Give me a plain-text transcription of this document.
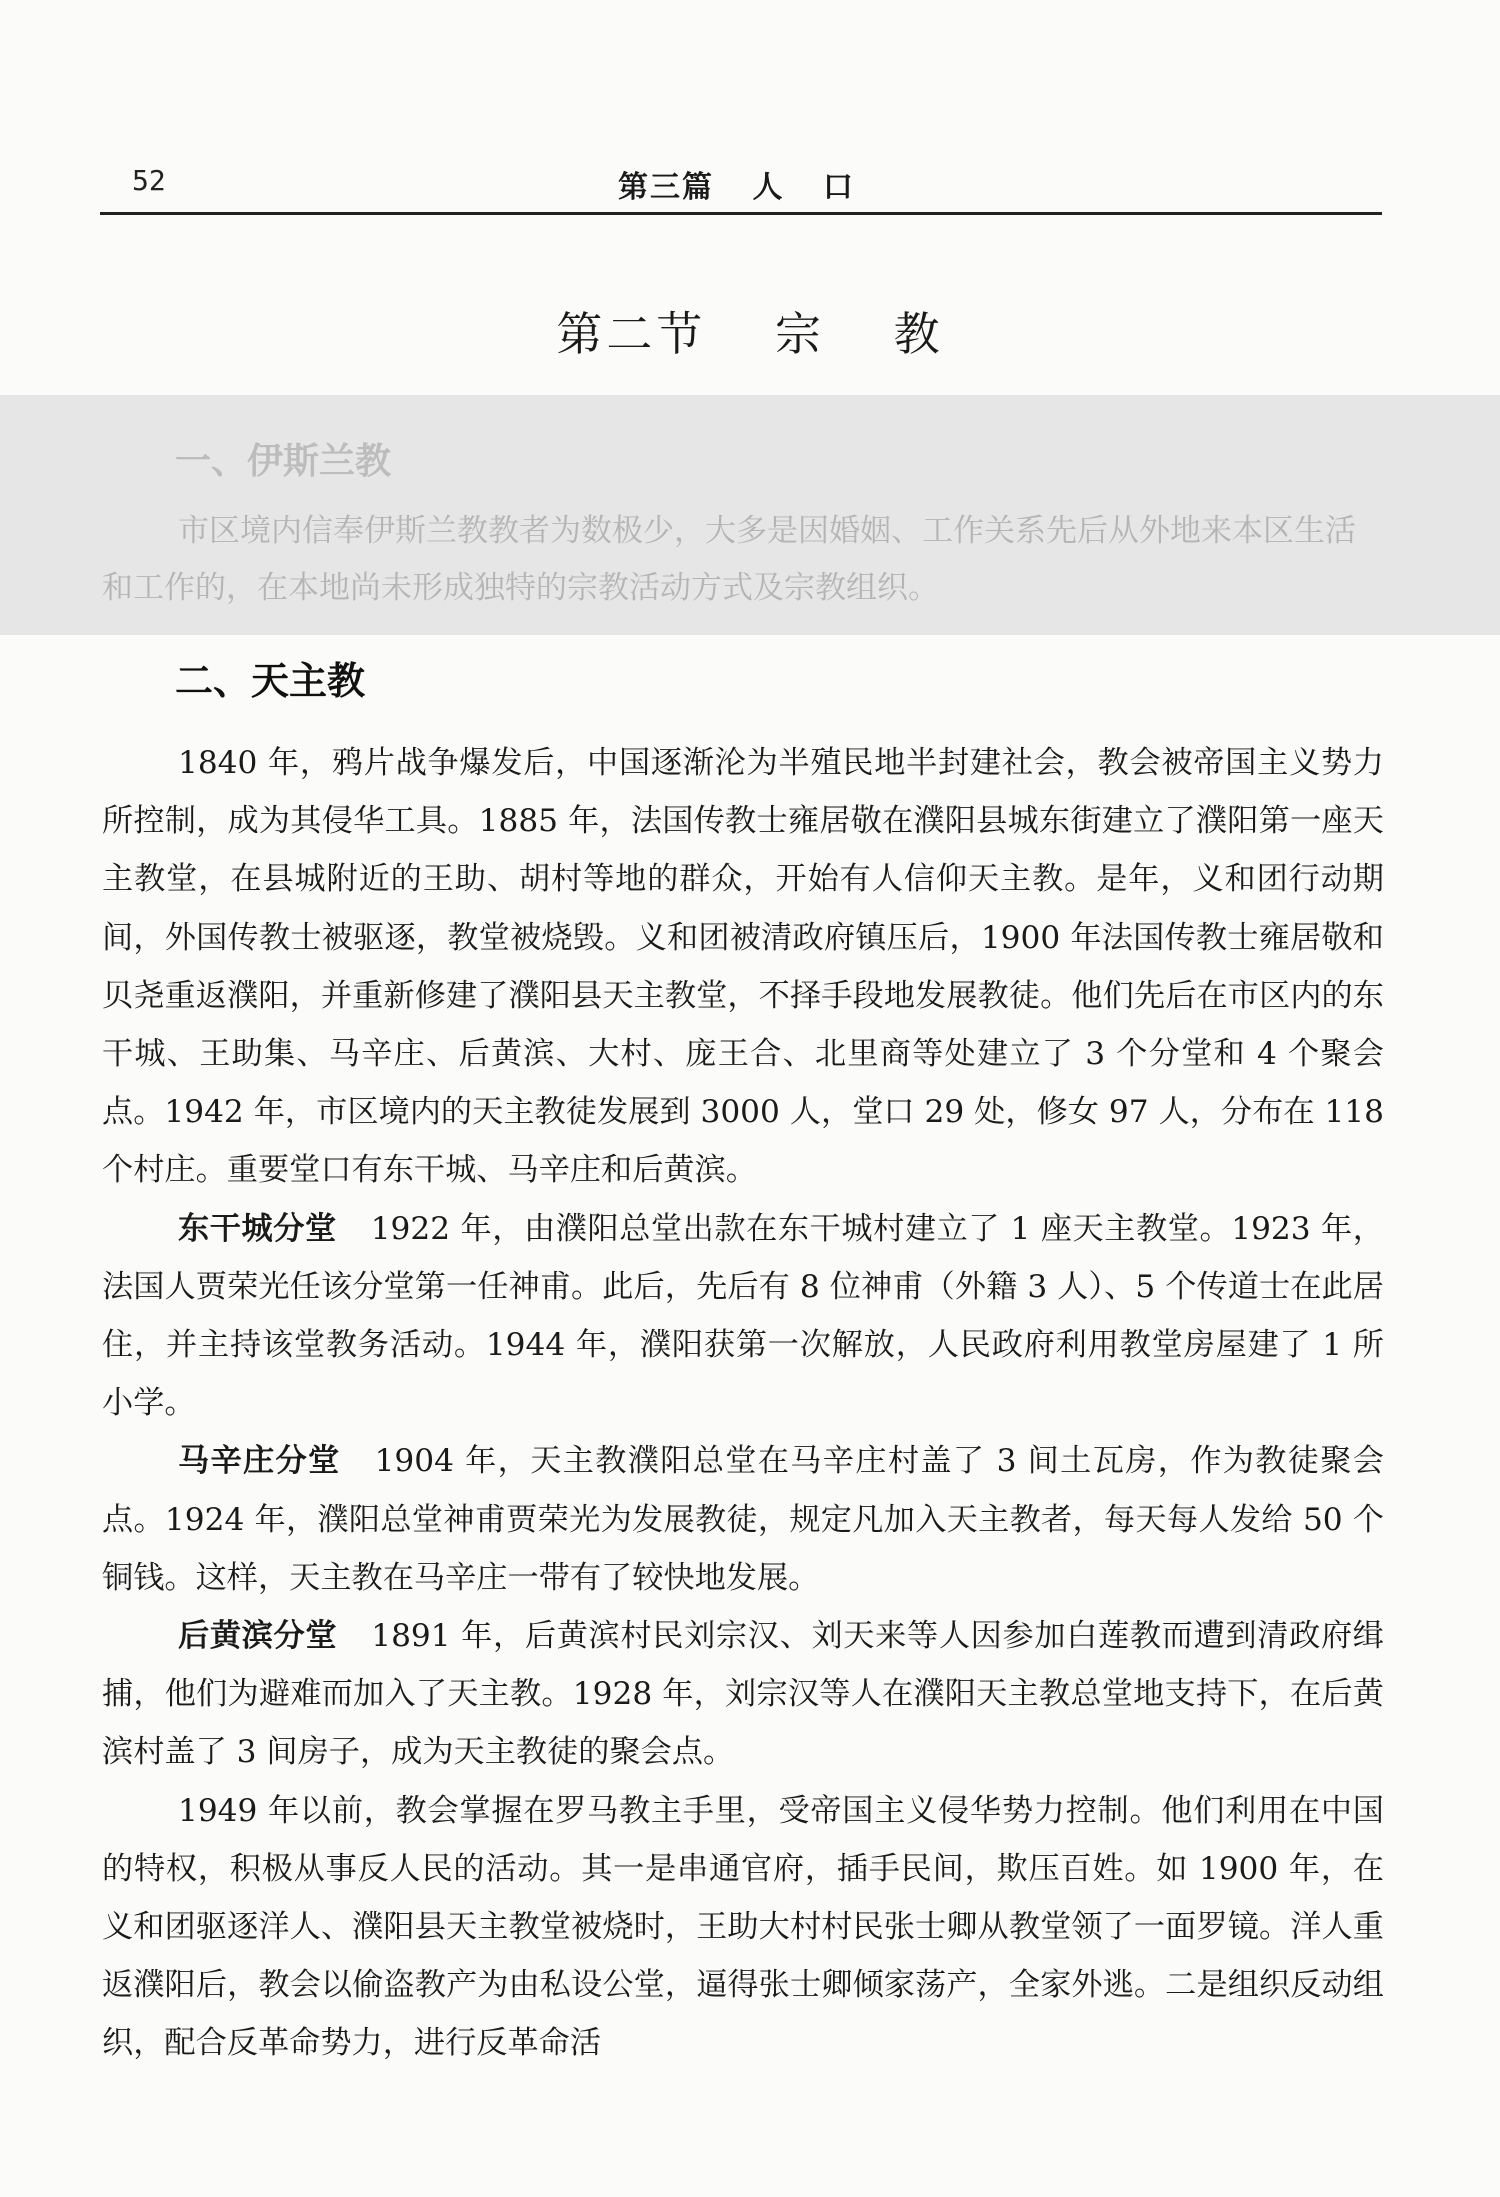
52	第三篇 人 口
第二节 宗 教
一、伊斯兰教
市区境内信奉伊斯兰教教者为数极少，大多是因婚姻、工作关系先后从外地来本区生活和工作的，在本地尚未形成独特的宗教活动方式及宗教组织。
二、天主教

1840 年，鸦片战争爆发后，中国逐渐沦为半殖民地半封建社会，教会被帝国主义势力所控制，成为其侵华工具。1885 年，法国传教士雍居敬在濮阳县城东街建立了濮阳第一座天主教堂，在县城附近的王助、胡村等地的群众，开始有人信仰天主教。是年，义和团行动期间，外国传教士被驱逐，教堂被烧毁。义和团被清政府镇压后，1900 年法国传教士雍居敬和贝尧重返濮阳，并重新修建了濮阳县天主教堂，不择手段地发展教徒。他们先后在市区内的东干城、王助集、马辛庄、后黄滨、大村、庞王合、北里商等处建立了 3 个分堂和 4 个聚会点。1942 年，市区境内的天主教徒发展到 3000 人，堂口 29 处，修女 97 人，分布在 118 个村庄。重要堂口有东干城、马辛庄和后黄滨。

东干城分堂 1922 年，由濮阳总堂出款在东干城村建立了 1 座天主教堂。1923 年，法国人贾荣光任该分堂第一任神甫。此后，先后有 8 位神甫（外籍 3 人）、5 个传道士在此居住，并主持该堂教务活动。1944 年，濮阳获第一次解放，人民政府利用教堂房屋建了 1 所小学。

马辛庄分堂 1904 年，天主教濮阳总堂在马辛庄村盖了 3 间土瓦房，作为教徒聚会点。1924 年，濮阳总堂神甫贾荣光为发展教徒，规定凡加入天主教者，每天每人发给 50 个铜钱。这样，天主教在马辛庄一带有了较快地发展。

后黄滨分堂 1891 年，后黄滨村民刘宗汉、刘天来等人因参加白莲教而遭到清政府缉捕，他们为避难而加入了天主教。1928 年，刘宗汉等人在濮阳天主教总堂地支持下，在后黄滨村盖了 3 间房子，成为天主教徒的聚会点。

1949 年以前，教会掌握在罗马教主手里，受帝国主义侵华势力控制。他们利用在中国的特权，积极从事反人民的活动。其一是串通官府，插手民间，欺压百姓。如 1900 年，在义和团驱逐洋人、濮阳县天主教堂被烧时，王助大村村民张士卿从教堂领了一面罗镜。洋人重返濮阳后，教会以偷盗教产为由私设公堂，逼得张士卿倾家荡产，全家外逃。二是组织反动组织，配合反革命势力，进行反革命活
